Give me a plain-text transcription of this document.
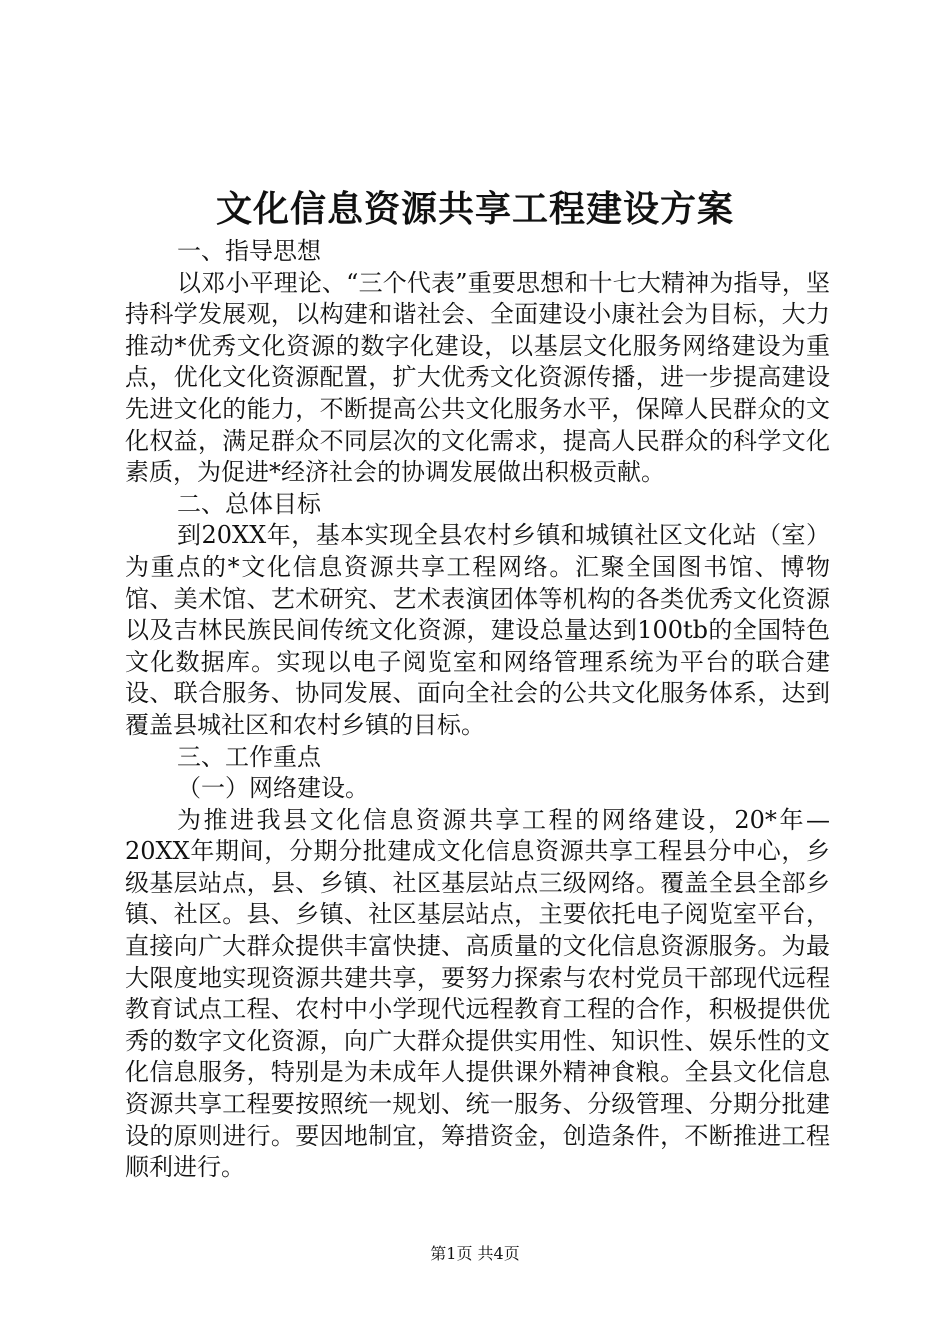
文化信息资源共享工程建设方案

一、指导思想

以邓小平理论、“三个代表”重要思想和十七大精神为指导，坚持科学发展观，以构建和谐社会、全面建设小康社会为目标，大力推动*优秀文化资源的数字化建设，以基层文化服务网络建设为重点，优化文化资源配置，扩大优秀文化资源传播，进一步提高建设先进文化的能力，不断提高公共文化服务水平，保障人民群众的文化权益，满足群众不同层次的文化需求，提高人民群众的科学文化素质，为促进*经济社会的协调发展做出积极贡献。

二、总体目标

到20XX年，基本实现全县农村乡镇和城镇社区文化站（室）为重点的*文化信息资源共享工程网络。汇聚全国图书馆、博物馆、美术馆、艺术研究、艺术表演团体等机构的各类优秀文化资源以及吉林民族民间传统文化资源，建设总量达到100tb的全国特色文化数据库。实现以电子阅览室和网络管理系统为平台的联合建设、联合服务、协同发展、面向全社会的公共文化服务体系，达到覆盖县城社区和农村乡镇的目标。

三、工作重点

（一）网络建设。

为推进我县文化信息资源共享工程的网络建设，20*年—20XX年期间，分期分批建成文化信息资源共享工程县分中心，乡级基层站点，县、乡镇、社区基层站点三级网络。覆盖全县全部乡镇、社区。县、乡镇、社区基层站点，主要依托电子阅览室平台，直接向广大群众提供丰富快捷、高质量的文化信息资源服务。为最大限度地实现资源共建共享，要努力探索与农村党员干部现代远程教育试点工程、农村中小学现代远程教育工程的合作，积极提供优秀的数字文化资源，向广大群众提供实用性、知识性、娱乐性的文化信息服务，特别是为未成年人提供课外精神食粮。全县文化信息资源共享工程要按照统一规划、统一服务、分级管理、分期分批建设的原则进行。要因地制宜，筹措资金，创造条件，不断推进工程顺利进行。

第1页 共4页
